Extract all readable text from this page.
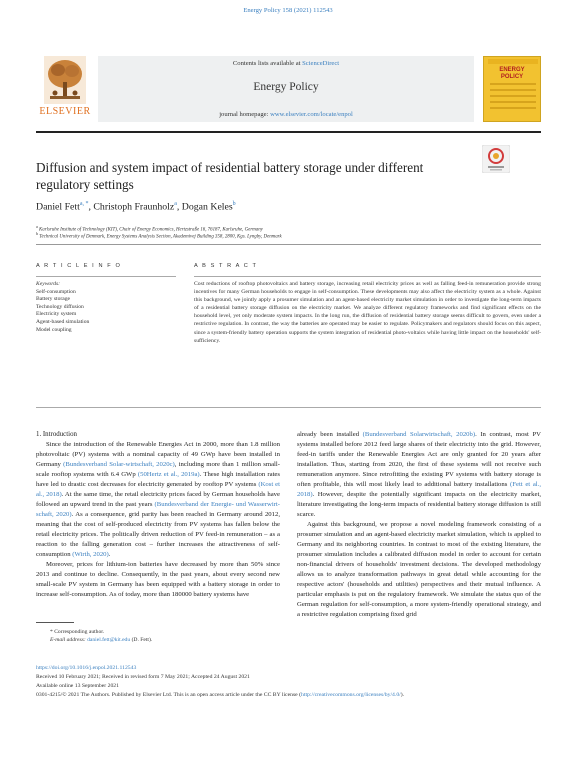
Energy Policy 158 (2021) 112543
ELSEVIER
Contents lists available at ScienceDirect
Energy Policy
journal homepage: www.elsevier.com/locate/enpol
ENERGY
POLICY
Diffusion and system impact of residential battery storage under different regulatory settings
Daniel Fett$^{a, *}$, Christoph Fraunholz$^a$, Dogan Keles$^b$
$^a$ Karlsruhe Institute of Technology (KIT), Chair of Energy Economics, Hertzstraße 16, 76187, Karlsruhe, Germany
$^b$ Technical University of Denmark, Energy Systems Analysis Section, Akademivej Building 358, 2800, Kgs. Lyngby, Denmark
A R T I C L E I N F O
Keywords:
Self-consumption
Battery storage
Technology diffusion
Electricity system
Agent-based simulation
Model coupling
A B S T R A C T
Cost reductions of rooftop photovoltaics and battery storage, increasing retail electricity prices as well as falling feed-in remuneration provide strong incentives for many German households to engage in self-consumption. These developments may also affect the electricity system as a whole. Against this background, we jointly apply a prosumer simulation and an agent-based electricity market simulation in order to investigate the long-term impacts of a residential battery storage diffusion on the electricity market. We analyze different regulatory frameworks and find significant effects on the household level, yet only moderate system impacts. In the long run, the diffusion of residential battery storage seems difficult to govern, even under a restrictive regulation. In contrast, the way the batteries are operated may be easier to regulate. Policymakers and regulators should focus on this aspect, since a system-friendly battery operation supports the system integration of residential photo-voltaics while having little impact on the households' self-sufficiency.

1. Introduction

Since the introduction of the Renewable Energies Act in 2000, more than 1.8 million photovoltaic (PV) systems with a nominal capacity of 49 GWp have been installed in Germany (Bundesverband Solar-wirtschaft, 2020c), including more than 1 million small-scale rooftop systems with 6.4 GWp (50Hertz et al., 2019a). These high installation rates have led to drastic cost decreases for electricity generated by rooftop PV systems (Kost et al., 2018). At the same time, the retail electricity prices faced by German households have followed an upward trend in the past years (Bundesverband der Energie- und Wasserwirt-schaft, 2020). As a consequence, grid parity has been reached in Germany around 2012, meaning that the cost of self-produced electricity from PV systems has fallen below the retail electricity prices. The politically driven reduction of PV feed-in remuneration – as a reaction to the falling generation cost – further increases the attractiveness of self-consumption (Wirth, 2020).

Moreover, prices for lithium-ion batteries have decreased by more than 50% since 2013 and continue to decline. Consequently, in the past years, about every second new small-scale PV system in Germany has been equipped with a battery storage in order to increase self-consumption. As of today, more than 180000 battery systems have

already been installed (Bundesverband Solarwirtschaft, 2020b). In contrast, most PV systems installed before 2012 feed large shares of their electricity into the grid. However, feed-in tariffs under the Renewable Energies Act are only granted for 20 years after installation. Thus, starting from 2020, the first of these systems will not receive such remuneration anymore. Since retrofitting the existing PV systems with battery storage is often profitable, this will most likely lead to additional battery installations (Fett et al., 2018). However, despite the potentially significant impacts on the electricity market, literature investigating the long-term impacts of residential battery storage diffusion is still scarce.

Against this background, we propose a novel modeling framework consisting of a prosumer simulation and an agent-based electricity market simulation, which is applied to Germany and its neighboring countries. In contrast to most of the existing literature, the prosumer simulation includes a calibrated diffusion model in order to account for certain non-financial drivers of households' investment decisions. The developed methodology allows us to analyze transformation pathways in great detail while accounting for the respective actors' (households and utilities) perspectives and their mutual influence. A particular emphasis is put on the regulatory framework. We simulate the status quo of the German regulation for self-consumption, a more system-friendly operational strategy, and a restrictive regulation comprising fixed grid

* Corresponding author.
E-mail address: daniel.fett@kit.edu (D. Fett).
https://doi.org/10.1016/j.enpol.2021.112543
Received 10 February 2021; Received in revised form 7 May 2021; Accepted 24 August 2021
Available online 13 September 2021
0301-4215/© 2021 The Authors. Published by Elsevier Ltd. This is an open access article under the CC BY license (http://creativecommons.org/licenses/by/4.0/).
